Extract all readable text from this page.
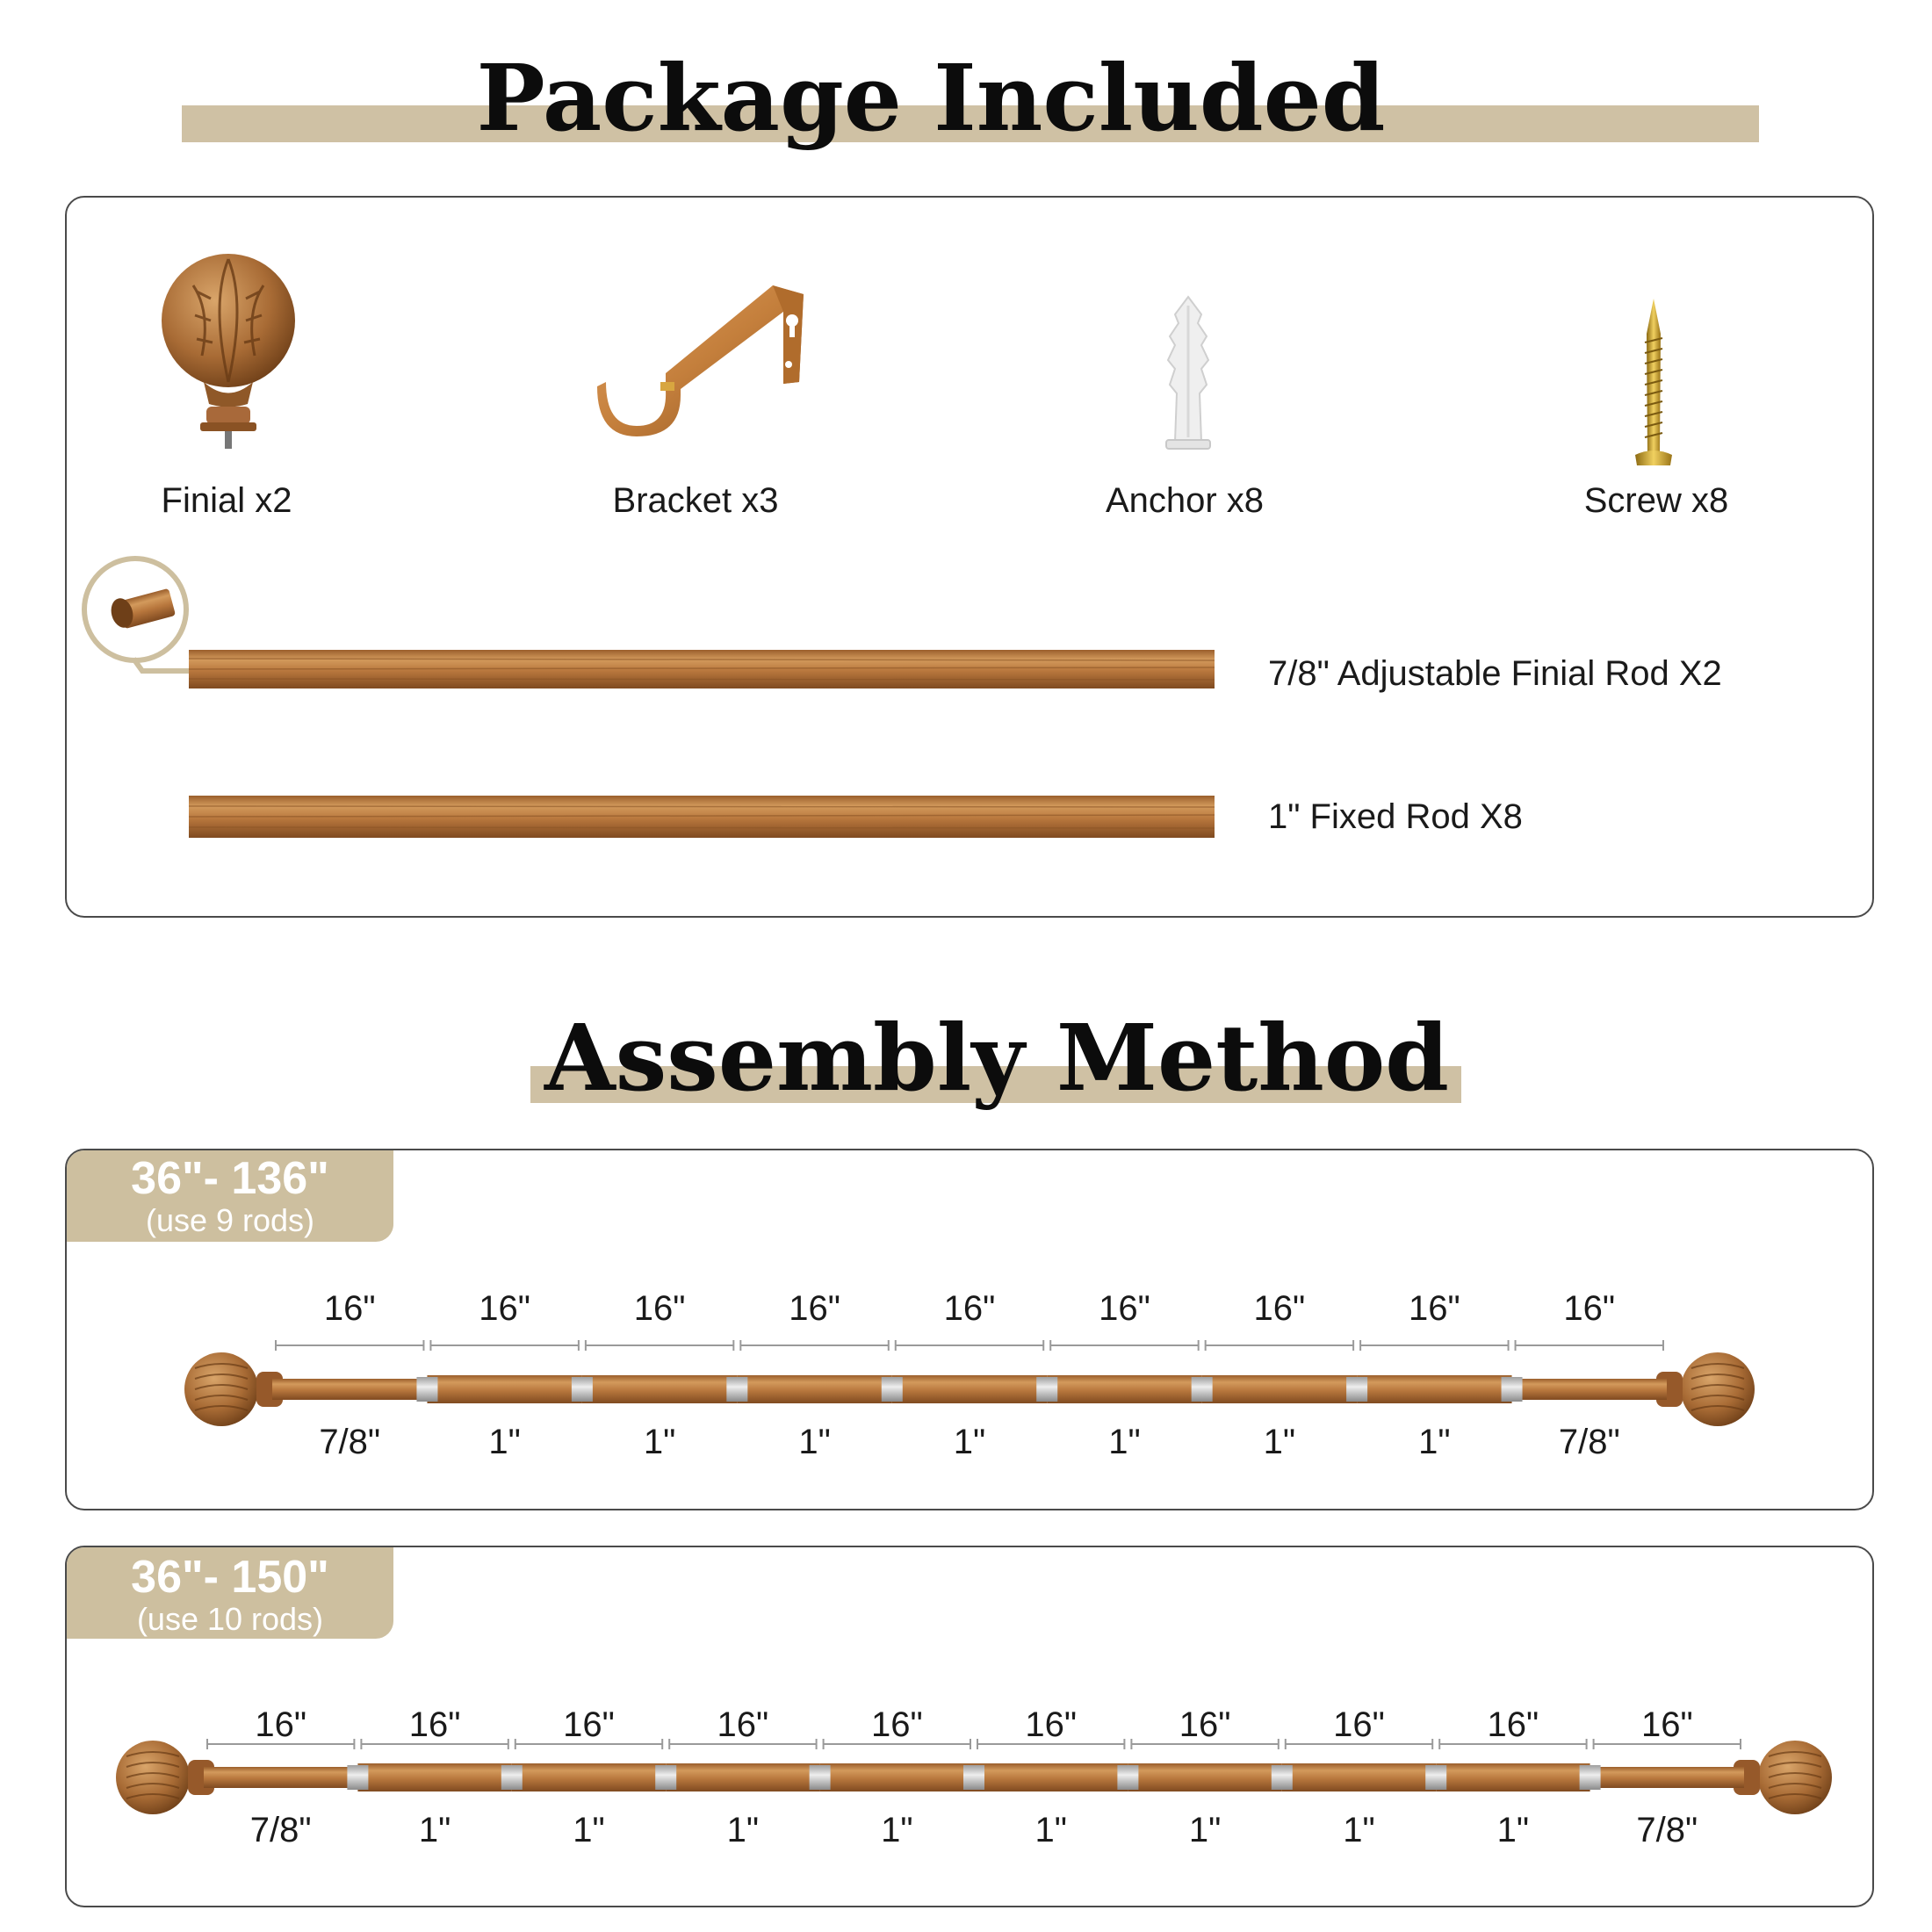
Package Included
Finial x2	Bracket x3	Anchor x8	Screw x8
7/8" Adjustable Finial Rod X2
1" Fixed Rod X8
Assembly Method
36"- 136"
(use 9 rods)
16"
7/8"
16"
1"
16"
1"
16"
1"
16"
1"
16"
1"
16"
1"
16"
1"
16"
7/8"
36"- 150"
(use 10 rods)
16"
7/8"
16"
1"
16"
1"
16"
1"
16"
1"
16"
1"
16"
1"
16"
1"
16"
1"
16"
7/8"
